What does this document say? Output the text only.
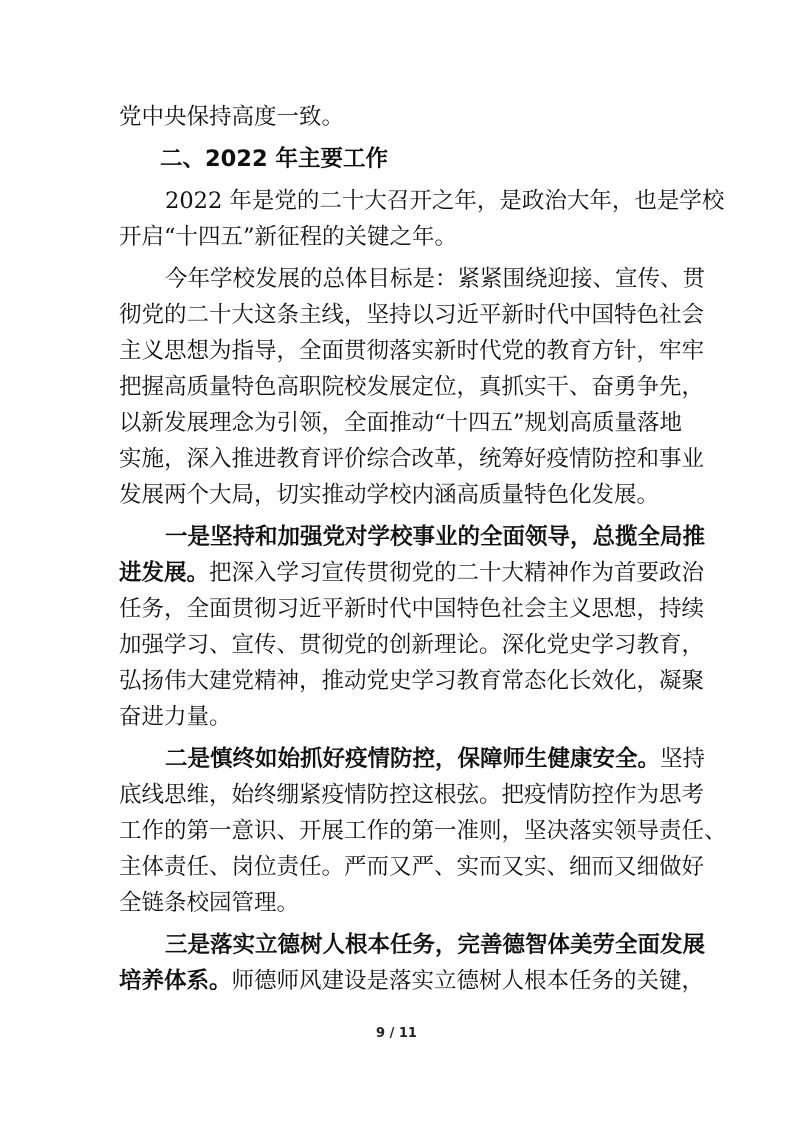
党中央保持高度一致。
二、2022 年主要工作
2022 年是党的二十大召开之年，是政治大年，也是学校
开启“十四五”新征程的关键之年。
今年学校发展的总体目标是：紧紧围绕迎接、宣传、贯
彻党的二十大这条主线，坚持以习近平新时代中国特色社会
主义思想为指导，全面贯彻落实新时代党的教育方针，牢牢
把握高质量特色高职院校发展定位，真抓实干、奋勇争先，
以新发展理念为引领，全面推动“十四五”规划高质量落地
实施，深入推进教育评价综合改革，统筹好疫情防控和事业
发展两个大局，切实推动学校内涵高质量特色化发展。
一是坚持和加强党对学校事业的全面领导，总揽全局推
进发展。把深入学习宣传贯彻党的二十大精神作为首要政治
任务，全面贯彻习近平新时代中国特色社会主义思想，持续
加强学习、宣传、贯彻党的创新理论。深化党史学习教育，
弘扬伟大建党精神，推动党史学习教育常态化长效化，凝聚
奋进力量。
二是慎终如始抓好疫情防控，保障师生健康安全。坚持
底线思维，始终绷紧疫情防控这根弦。把疫情防控作为思考
工作的第一意识、开展工作的第一准则，坚决落实领导责任、
主体责任、岗位责任。严而又严、实而又实、细而又细做好
全链条校园管理。
三是落实立德树人根本任务，完善德智体美劳全面发展
培养体系。师德师风建设是落实立德树人根本任务的关键，
9 / 11
